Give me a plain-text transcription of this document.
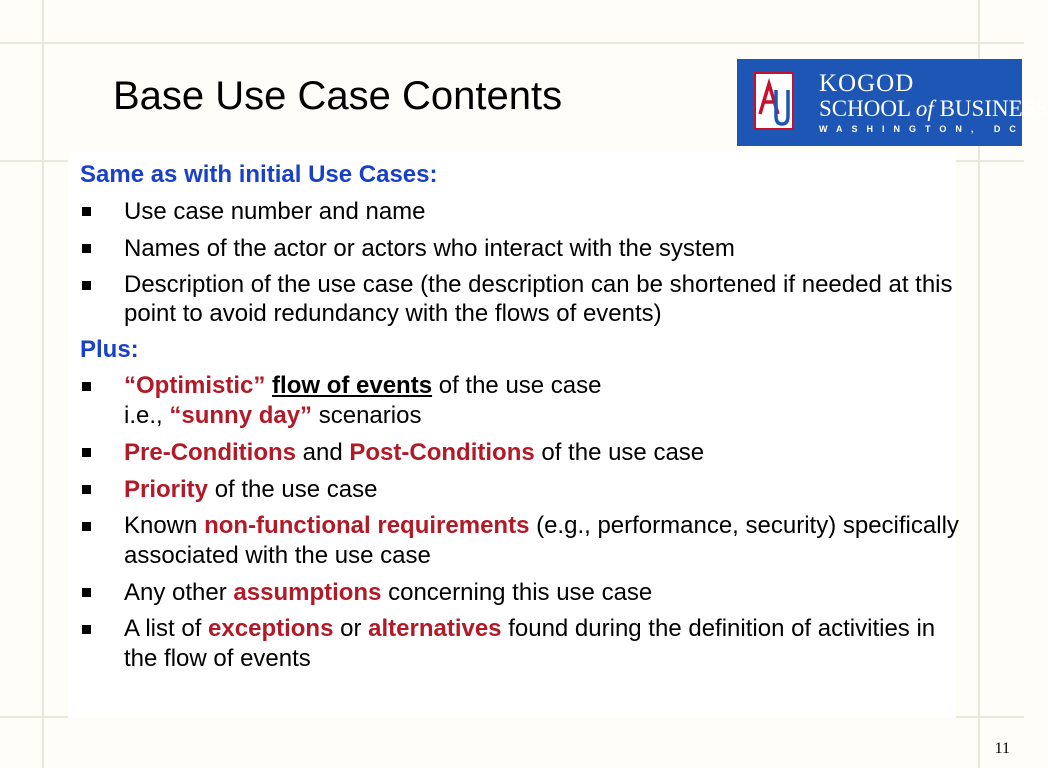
Base Use Case Contents	KOGOD
SCHOOL of BUSINESS
WASHINGTON, DC
Same as with initial Use Cases:
Use case number and name
Names of the actor or actors who interact with the system
Description of the use case (the description can be shortened if needed at this point to avoid redundancy with the flows of events)
Plus:
“Optimistic” flow of events of the use case
i.e., “sunny day” scenarios
Pre-Conditions and Post-Conditions of the use case
Priority of the use case
Known non-functional requirements (e.g., performance, security) specifically associated with the use case
Any other assumptions concerning this use case
A list of exceptions or alternatives found during the definition of activities in the flow of events
11
